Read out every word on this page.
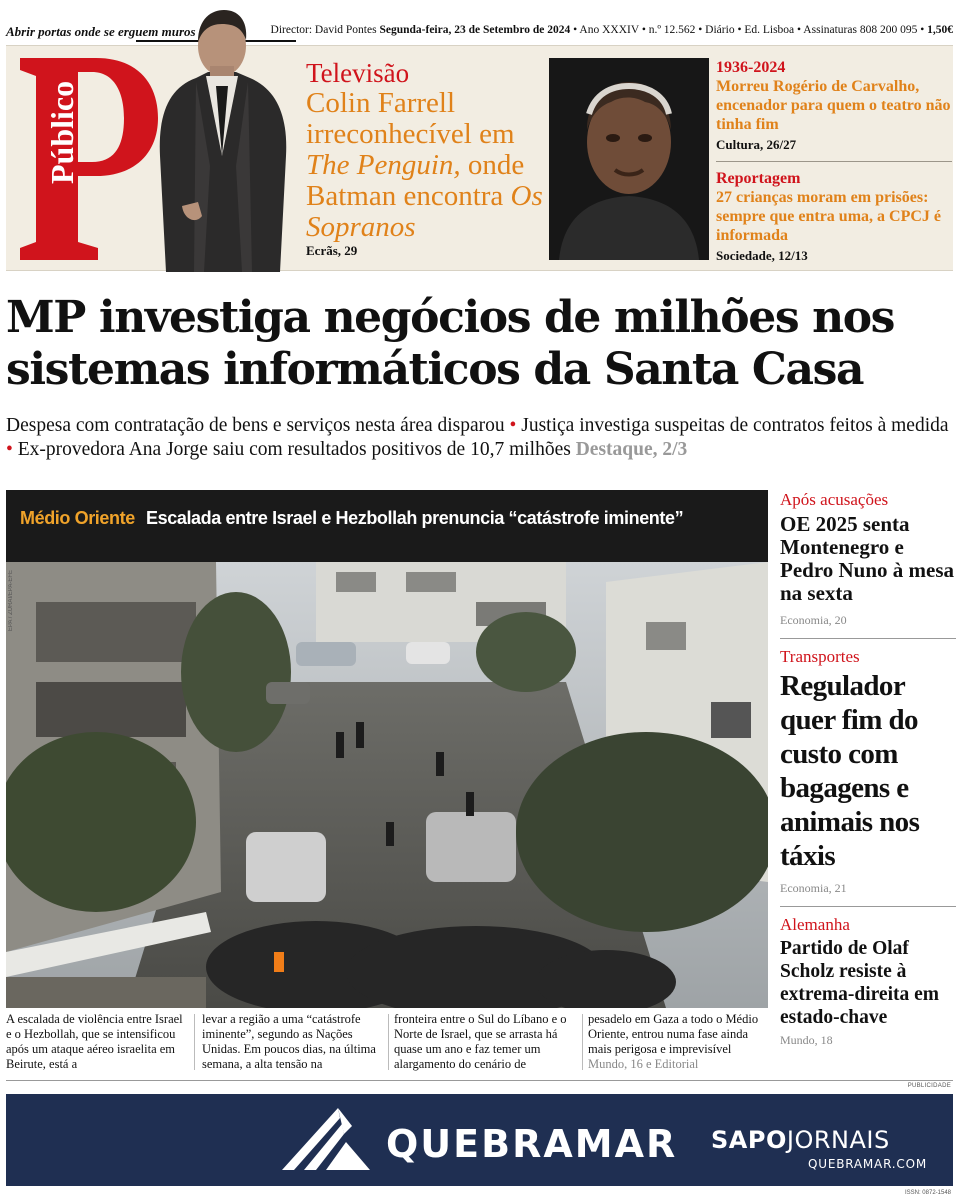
Abrir portas onde se erguem muros	Director: David Pontes Segunda-feira, 23 de Setembro de 2024 • Ano XXXIV • n.º 12.562 • Diário • Ed. Lisboa • Assinaturas 808 200 095 • 1,50€
Público
Televisão
Colin Farrell irreconhecível em The Penguin, onde Batman encontra Os Sopranos
Ecrãs, 29
1936-2024
Morreu Rogério de Carvalho, encenador para quem o teatro não tinha fim
Cultura, 26/27
Reportagem
27 crianças moram em prisões: sempre que entra uma, a CPCJ é informada
Sociedade, 12/13
MP investiga negócios de milhões nos sistemas informáticos da Santa Casa
Despesa com contratação de bens e serviços nesta área disparou • Justiça investiga suspeitas de contratos feitos à medida • Ex-provedora Ana Jorge saiu com resultados positivos de 10,7 milhões Destaque, 2/3
Médio Oriente Escalada entre Israel e Hezbollah prenuncia “catástrofe iminente”
EPA / ZURAI/EPA-EFE
A escalada de violência entre Israel e o Hezbollah, que se intensificou após um ataque aéreo israelita em Beirute, está a
levar a região a uma “catástrofe iminente”, segundo as Nações Unidas. Em poucos dias, na última semana, a alta tensão na
fronteira entre o Sul do Líbano e o Norte de Israel, que se arrasta há quase um ano e faz temer um alargamento do cenário de
pesadelo em Gaza a todo o Médio Oriente, entrou numa fase ainda mais perigosa e imprevisível
Mundo, 16 e Editorial
Após acusações
OE 2025 senta Montenegro e Pedro Nuno à mesa na sexta
Economia, 20
Transportes
Regulador quer fim do custo com bagagens e animais nos táxis
Economia, 21
Alemanha
Partido de Olaf Scholz resiste à extrema-direita em estado-chave
Mundo, 18
PUBLICIDADE
QUEBRAMAR SAPOJORNAIS
QUEBRAMAR.COM
ISSN: 0872-1548
